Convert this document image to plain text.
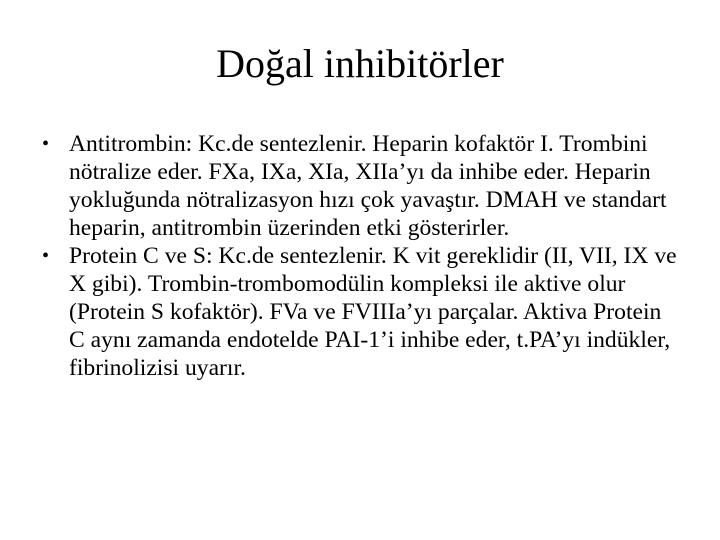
Doğal inhibitörler
• Antitrombin: Kc.de sentezlenir. Heparin kofaktör I. Trombini nötralize eder. FXa, IXa, XIa, XIIa’yı da inhibe eder. Heparin yokluğunda nötralizasyon hızı çok yavaştır. DMAH ve standart heparin, antitrombin üzerinden etki gösterirler.
• Protein C ve S: Kc.de sentezlenir. K vit gereklidir (II, VII, IX ve X gibi). Trombin-trombomodülin kompleksi ile aktive olur (Protein S kofaktör). FVa ve FVIIIa’yı parçalar. Aktiva Protein C aynı zamanda endotelde PAI-1’i inhibe eder, t.PA’yı indükler, fibrinolizisi uyarır.
